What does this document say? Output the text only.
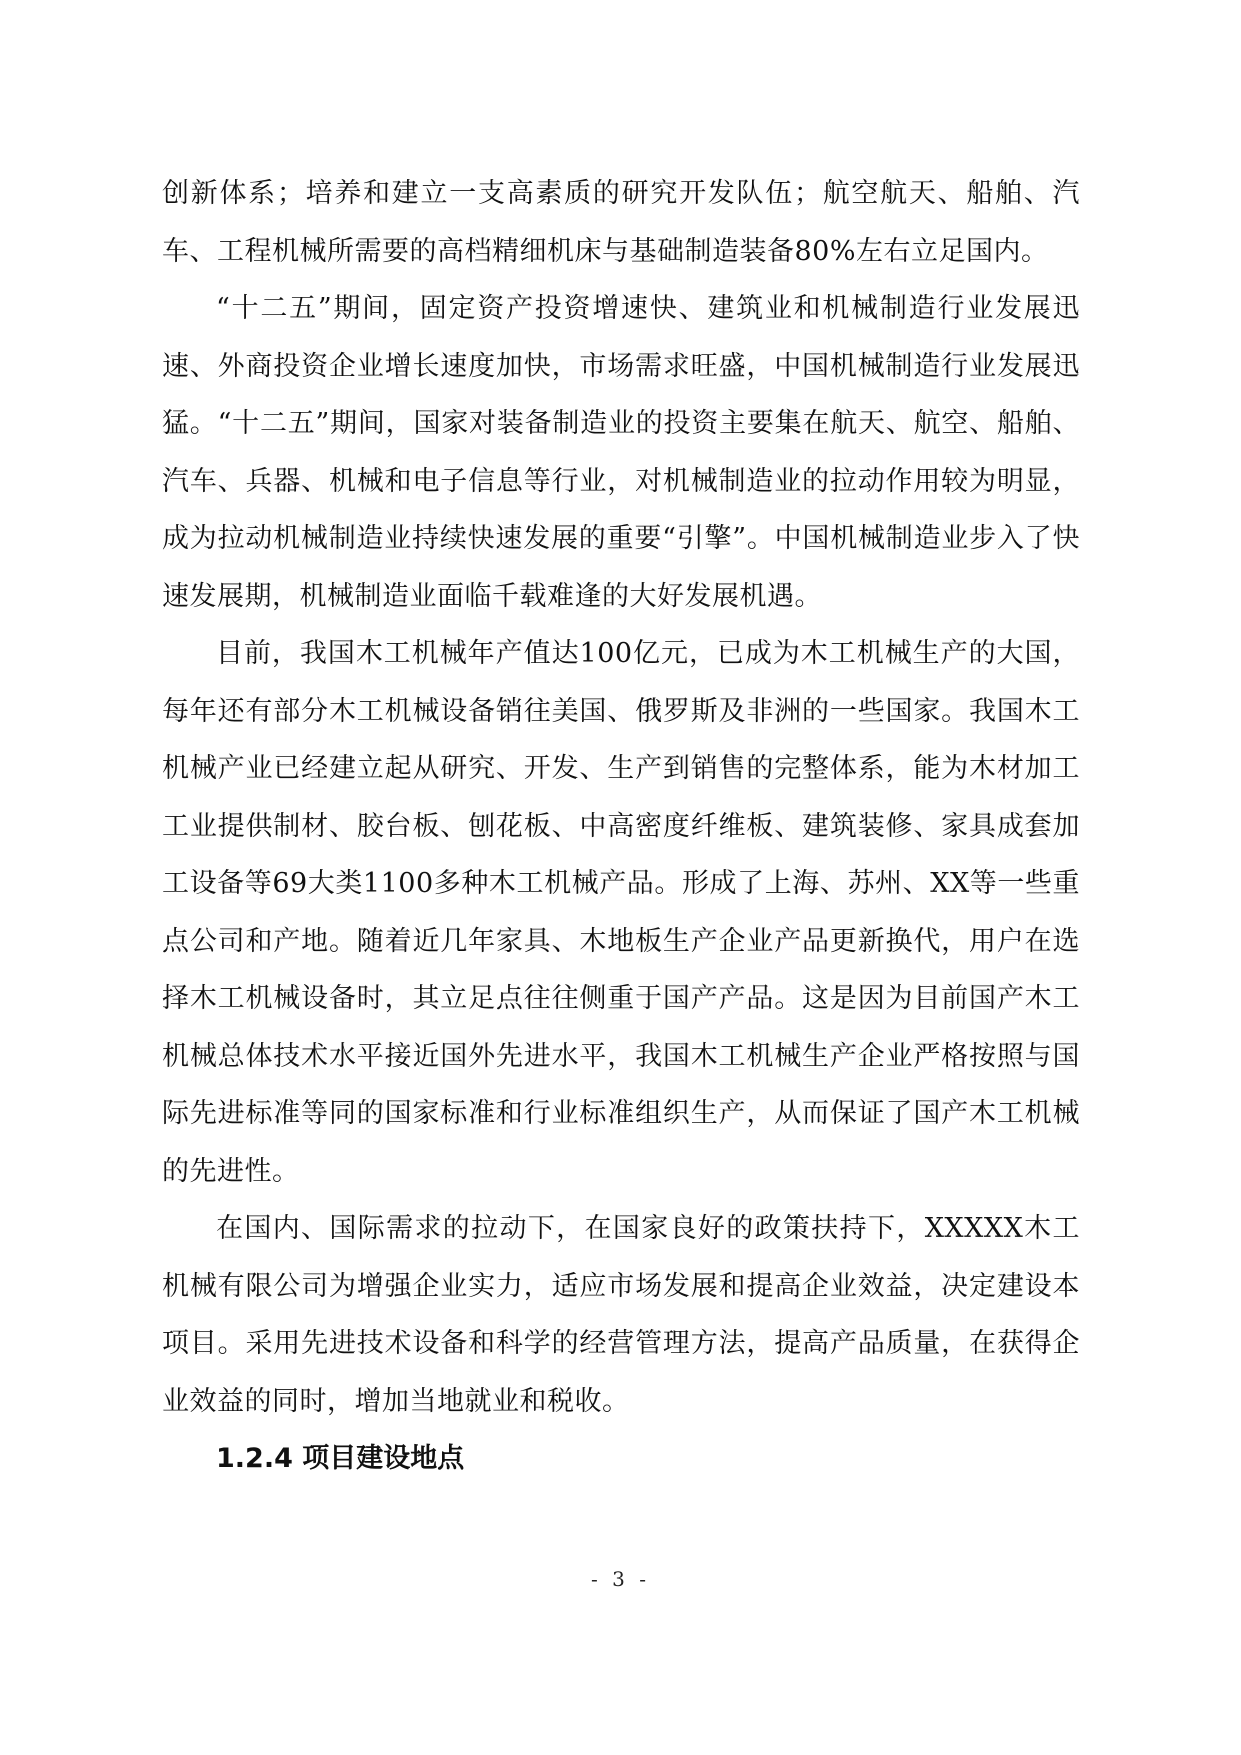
创新体系；培养和建立一支高素质的研究开发队伍；航空航天、船舶、汽车、工程机械所需要的高档精细机床与基础制造装备80%左右立足国内。

“十二五”期间，固定资产投资增速快、建筑业和机械制造行业发展迅速、外商投资企业增长速度加快，市场需求旺盛，中国机械制造行业发展迅猛。“十二五”期间，国家对装备制造业的投资主要集在航天、航空、船舶、汽车、兵器、机械和电子信息等行业，对机械制造业的拉动作用较为明显，成为拉动机械制造业持续快速发展的重要“引擎”。中国机械制造业步入了快速发展期，机械制造业面临千载难逢的大好发展机遇。

目前，我国木工机械年产值达100亿元，已成为木工机械生产的大国，每年还有部分木工机械设备销往美国、俄罗斯及非洲的一些国家。我国木工机械产业已经建立起从研究、开发、生产到销售的完整体系，能为木材加工工业提供制材、胶台板、刨花板、中高密度纤维板、建筑装修、家具成套加工设备等69大类1100多种木工机械产品。形成了上海、苏州、XX等一些重点公司和产地。随着近几年家具、木地板生产企业产品更新换代，用户在选择木工机械设备时，其立足点往往侧重于国产产品。这是因为目前国产木工机械总体技术水平接近国外先进水平，我国木工机械生产企业严格按照与国际先进标准等同的国家标准和行业标准组织生产，从而保证了国产木工机械的先进性。

在国内、国际需求的拉动下，在国家良好的政策扶持下，XXXXX木工机械有限公司为增强企业实力，适应市场发展和提高企业效益，决定建设本项目。采用先进技术设备和科学的经营管理方法，提高产品质量，在获得企业效益的同时，增加当地就业和税收。

1.2.4 项目建设地点
- 3 -
